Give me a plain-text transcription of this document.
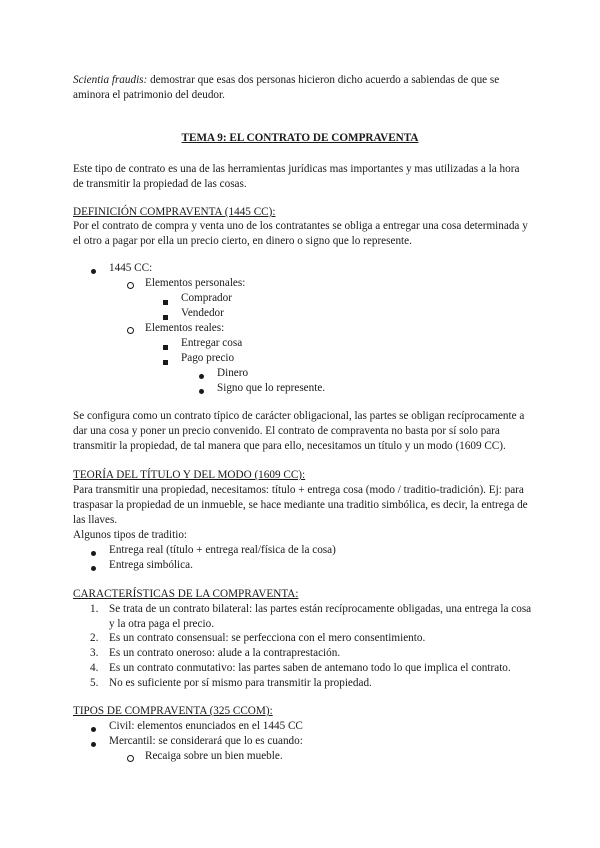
Scientia fraudis: demostrar que esas dos personas hicieron dicho acuerdo a sabiendas de que se

aminora el patrimonio del deudor.

TEMA 9: EL CONTRATO DE COMPRAVENTA

Este tipo de contrato es una de las herramientas jurídicas mas importantes y mas utilizadas a la hora

de transmitir la propiedad de las cosas.

DEFINICIÓN COMPRAVENTA (1445 CC):

Por el contrato de compra y venta uno de los contratantes se obliga a entregar una cosa determinada y

el otro a pagar por ella un precio cierto, en dinero o signo que lo represente.

1445 CC:

Elementos personales:

Comprador

Vendedor

Elementos reales:

Entregar cosa

Pago precio

Dinero

Signo que lo represente.

Se configura como un contrato típico de carácter obligacional, las partes se obligan recíprocamente a

dar una cosa y poner un precio convenido. El contrato de compraventa no basta por sí solo para

transmitir la propiedad, de tal manera que para ello, necesitamos un título y un modo (1609 CC).

TEORÍA DEL TÍTULO Y DEL MODO (1609 CC):

Para transmitir una propiedad, necesitamos: título + entrega cosa (modo / traditio-tradición). Ej: para

traspasar la propiedad de un inmueble, se hace mediante una traditio simbólica, es decir, la entrega de

las llaves.

Algunos tipos de traditio:

Entrega real (título + entrega real/física de la cosa)

Entrega simbólica.

CARACTERÍSTICAS DE LA COMPRAVENTA:

1. Se trata de un contrato bilateral: las partes están recíprocamente obligadas, una entrega la cosa

y la otra paga el precio.

2. Es un contrato consensual: se perfecciona con el mero consentimiento.

3. Es un contrato oneroso: alude a la contraprestación.

4. Es un contrato conmutativo: las partes saben de antemano todo lo que implica el contrato.

5. No es suficiente por sí mismo para transmitir la propiedad.

TIPOS DE COMPRAVENTA (325 CCOM):

Civil: elementos enunciados en el 1445 CC

Mercantil: se considerará que lo es cuando:

Recaiga sobre un bien mueble.
